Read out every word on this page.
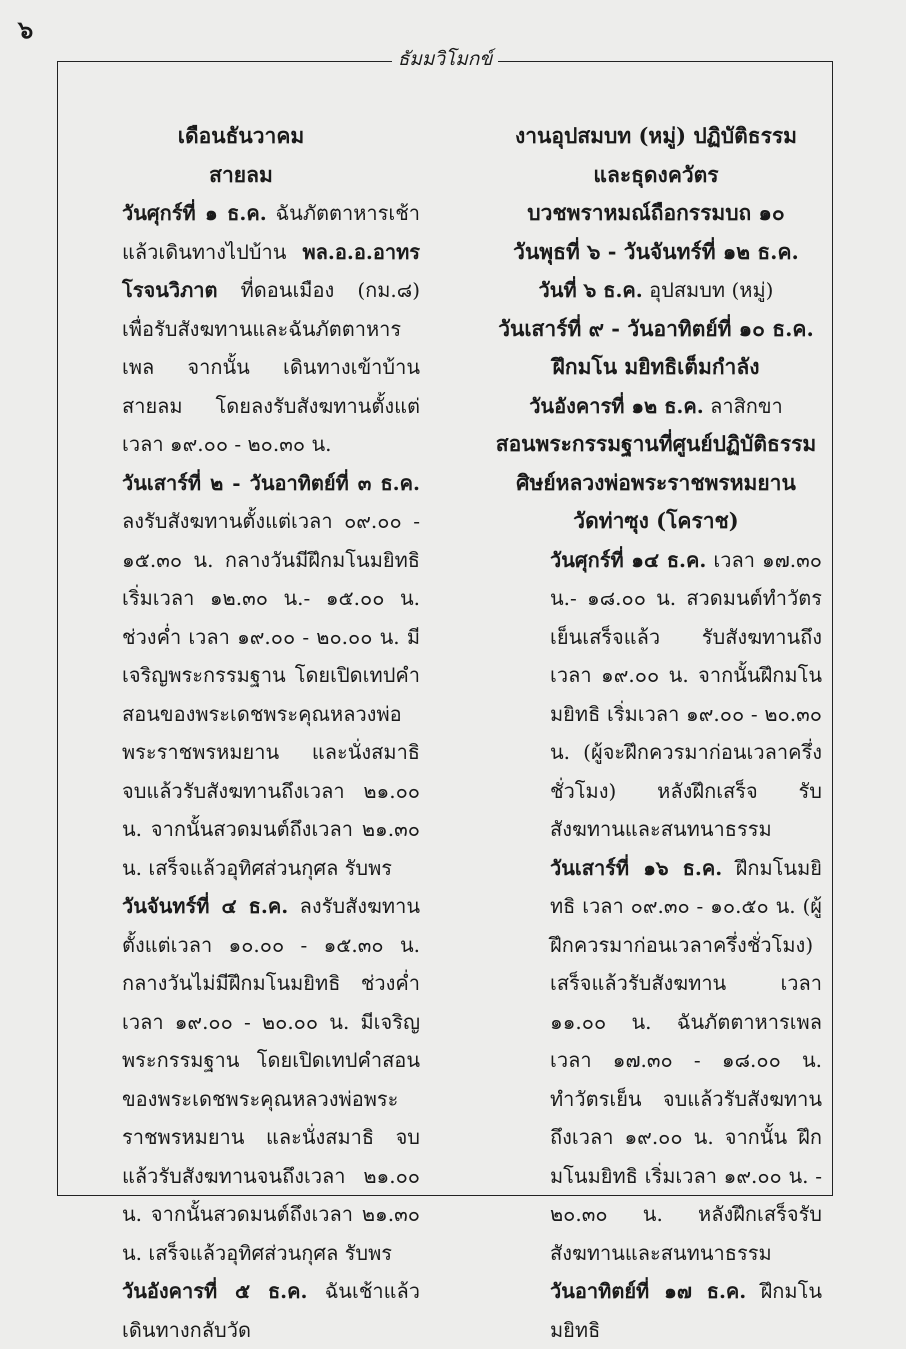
๖
ธัมมวิโมกข์
เดือนธันวาคม
สายลม
วันศุกร์ที่ ๑ ธ.ค. ฉันภัตตาหารเช้าแล้วเดินทางไปบ้าน พล.อ.อ.อาทร โรจนวิภาต ที่ดอนเมือง (กม.๘) เพื่อรับสังฆทานและฉันภัตตาหารเพล จากนั้น เดินทางเข้าบ้านสายลม โดยลงรับสังฆทานตั้งแต่เวลา ๑๙.๐๐ - ๒๐.๓๐ น.
วันเสาร์ที่ ๒ - วันอาทิตย์ที่ ๓ ธ.ค. ลงรับสังฆทานตั้งแต่เวลา ๐๙.๐๐ - ๑๕.๓๐ น. กลางวันมีฝึกมโนมยิทธิ เริ่มเวลา ๑๒.๓๐ น.- ๑๕.๐๐ น. ช่วงค่ำ เวลา ๑๙.๐๐ - ๒๐.๐๐ น. มีเจริญพระกรรมฐาน โดยเปิดเทปคำสอนของพระเดชพระคุณหลวงพ่อพระราชพรหมยาน และนั่งสมาธิ จบแล้วรับสังฆทานถึงเวลา ๒๑.๐๐ น. จากนั้นสวดมนต์ถึงเวลา ๒๑.๓๐ น. เสร็จแล้วอุทิศส่วนกุศล รับพร
วันจันทร์ที่ ๔ ธ.ค. ลงรับสังฆทานตั้งแต่เวลา ๑๐.๐๐ - ๑๕.๓๐ น. กลางวันไม่มีฝึกมโนมยิทธิ ช่วงค่ำเวลา ๑๙.๐๐ - ๒๐.๐๐ น. มีเจริญพระกรรมฐาน โดยเปิดเทปคำสอนของพระเดชพระคุณหลวงพ่อพระราชพรหมยาน และนั่งสมาธิ จบแล้วรับสังฆทานจนถึงเวลา ๒๑.๐๐ น. จากนั้นสวดมนต์ถึงเวลา ๒๑.๓๐ น. เสร็จแล้วอุทิศส่วนกุศล รับพร
วันอังคารที่ ๕ ธ.ค. ฉันเช้าแล้วเดินทางกลับวัด
งานอุปสมบท (หมู่) ปฏิบัติธรรม
และธุดงควัตร
บวชพราหมณ์ถือกรรมบถ ๑๐
วันพุธที่ ๖ - วันจันทร์ที่ ๑๒ ธ.ค.
วันที่ ๖ ธ.ค. อุปสมบท (หมู่)
วันเสาร์ที่ ๙ - วันอาทิตย์ที่ ๑๐ ธ.ค.
ฝึกมโน มยิทธิเต็มกำลัง
วันอังคารที่ ๑๒ ธ.ค. ลาสิกขา
สอนพระกรรมฐานที่ศูนย์ปฏิบัติธรรม
ศิษย์หลวงพ่อพระราชพรหมยาน
วัดท่าซุง (โคราช)
วันศุกร์ที่ ๑๔ ธ.ค. เวลา ๑๗.๓๐ น.- ๑๘.๐๐ น. สวดมนต์ทำวัตรเย็นเสร็จแล้ว รับสังฆทานถึงเวลา ๑๙.๐๐ น. จากนั้นฝึกมโนมยิทธิ เริ่มเวลา ๑๙.๐๐ - ๒๐.๓๐ น. (ผู้จะฝึกควรมาก่อนเวลาครึ่งชั่วโมง) หลังฝึกเสร็จ รับสังฆทานและสนทนาธรรม
วันเสาร์ที่ ๑๖ ธ.ค. ฝึกมโนมยิทธิ เวลา ๐๙.๓๐ - ๑๐.๕๐ น. (ผู้ฝึกควรมาก่อนเวลาครึ่งชั่วโมง) เสร็จแล้วรับสังฆทาน เวลา ๑๑.๐๐ น. ฉันภัตตาหารเพล เวลา ๑๗.๓๐ - ๑๘.๐๐ น. ทำวัตรเย็น จบแล้วรับสังฆทานถึงเวลา ๑๙.๐๐ น. จากนั้น ฝึกมโนมยิทธิ เริ่มเวลา ๑๙.๐๐ น. - ๒๐.๓๐ น. หลังฝึกเสร็จรับสังฆทานและสนทนาธรรม
วันอาทิตย์ที่ ๑๗ ธ.ค. ฝึกมโนมยิทธิ
